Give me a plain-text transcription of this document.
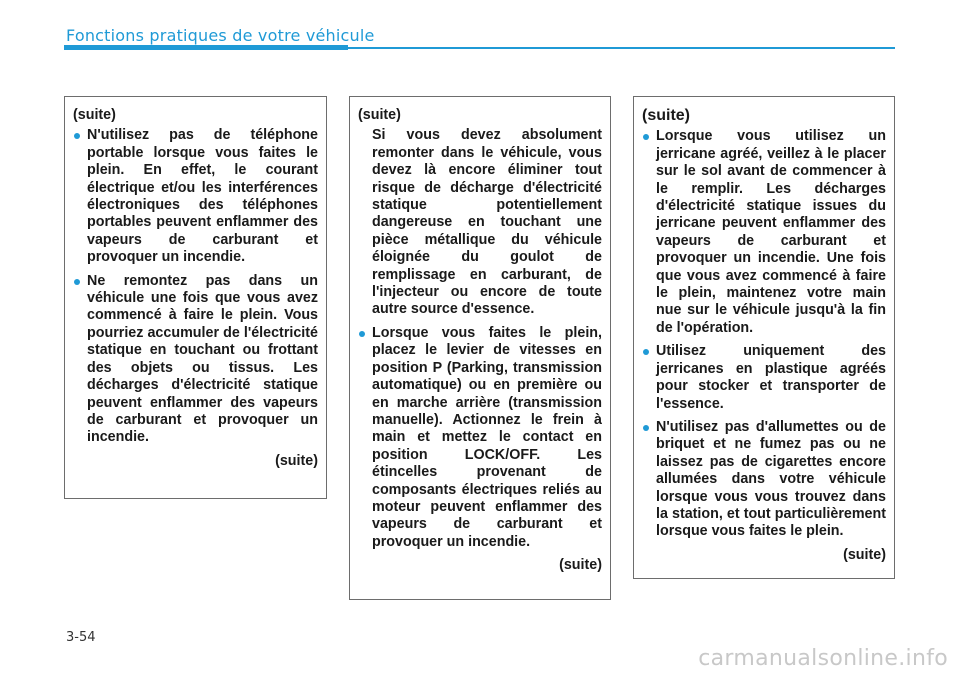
Fonctions pratiques de votre véhicule
(suite)
N'utilisez pas de téléphone portable lorsque vous faites le plein. En effet, le courant électrique et/ou les interférences électroniques des téléphones portables peuvent enflammer des vapeurs de carburant et provoquer un incendie.
Ne remontez pas dans un véhicule une fois que vous avez commencé à faire le plein. Vous pourriez accumuler de l'électricité statique en touchant ou frottant des objets ou tissus. Les décharges d'électricité statique peuvent enflammer des vapeurs de carburant et provoquer un incendie.
(suite)
(suite)
Si vous devez absolument remonter dans le véhicule, vous devez là encore éliminer tout risque de décharge d'électricité statique potentiellement dangereuse en touchant une pièce métallique du véhicule éloignée du goulot de remplissage en carburant, de l'injecteur ou encore de toute autre source d'essence.
Lorsque vous faites le plein, placez le levier de vitesses en position P (Parking, transmission automatique) ou en première ou en marche arrière (transmission manuelle). Actionnez le frein à main et mettez le contact en position LOCK/OFF. Les étincelles provenant de composants électriques reliés au moteur peuvent enflammer des vapeurs de carburant et provoquer un incendie.
(suite)
(suite)
Lorsque vous utilisez un jerricane agréé, veillez à le placer sur le sol avant de commencer à le remplir. Les décharges d'électricité statique issues du jerricane peuvent enflammer des vapeurs de carburant et provoquer un incendie. Une fois que vous avez commencé à faire le plein, maintenez votre main nue sur le véhicule jusqu'à la fin de l'opération.
Utilisez uniquement des jerricanes en plastique agréés pour stocker et transporter de l'essence.
N'utilisez pas d'allumettes ou de briquet et ne fumez pas ou ne laissez pas de cigarettes encore allumées dans votre véhicule lorsque vous vous trouvez dans la station, et tout particulièrement lorsque vous faites le plein.
(suite)
3-54
carmanualsonline.info
